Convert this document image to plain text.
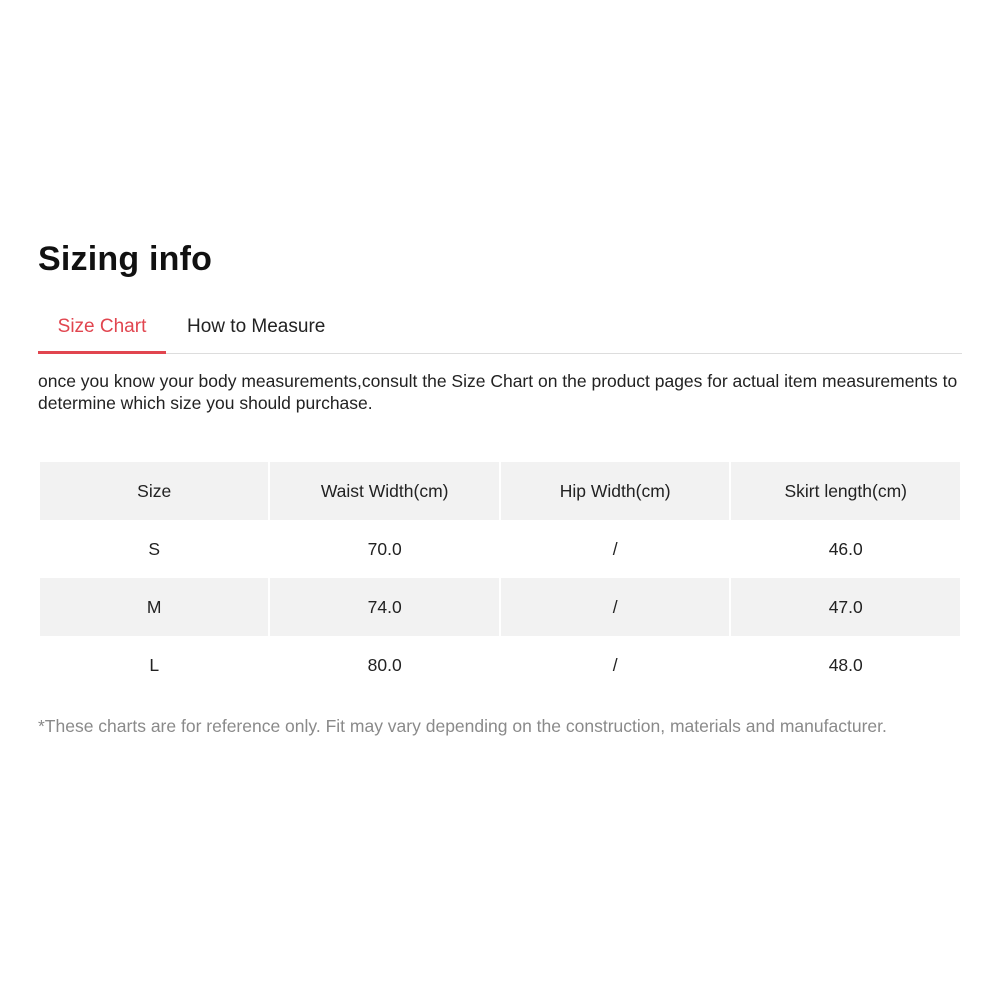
Sizing info
Size Chart	How to Measure

once you know your body measurements,consult the Size Chart on the product pages for actual item measurements to determine which size you should purchase.

Size	Waist Width(cm)	Hip Width(cm)	Skirt length(cm)
S	70.0	/	46.0
M	74.0	/	47.0
L	80.0	/	48.0

*These charts are for reference only. Fit may vary depending on the construction, materials and manufacturer.
